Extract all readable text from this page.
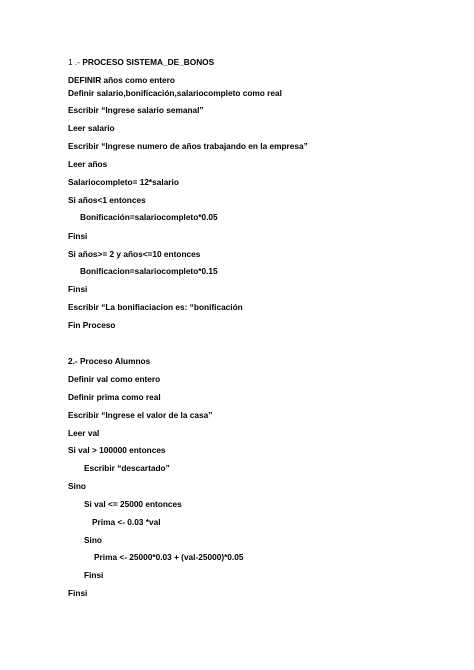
1 .- PROCESO SISTEMA_DE_BONOS
DEFINIR años como entero
Definir salario,bonificación,salariocompleto como real
Escribir “Ingrese salario semanal”
Leer salario
Escribir “Ingrese numero de años trabajando en la empresa”
Leer años
Salariocompleto= 12*salario
Si años<1 entonces
Bonificación=salariocompleto*0.05
Finsi
Si años>= 2 y años<=10 entonces
Bonificacion=salariocompleto*0.15
Finsi
Escribir “La bonifiaciacion es: “bonificación
Fin Proceso
2.- Proceso Alumnos
Definir val como entero
Definir prima como real
Escribir “Ingrese el valor de la casa”
Leer val
Si val > 100000 entonces
Escribir “descartado”
Sino
Si val <= 25000 entonces
Prima <- 0.03 *val
Sino
Prima <- 25000*0.03 + (val-25000)*0.05
Finsi
Finsi
